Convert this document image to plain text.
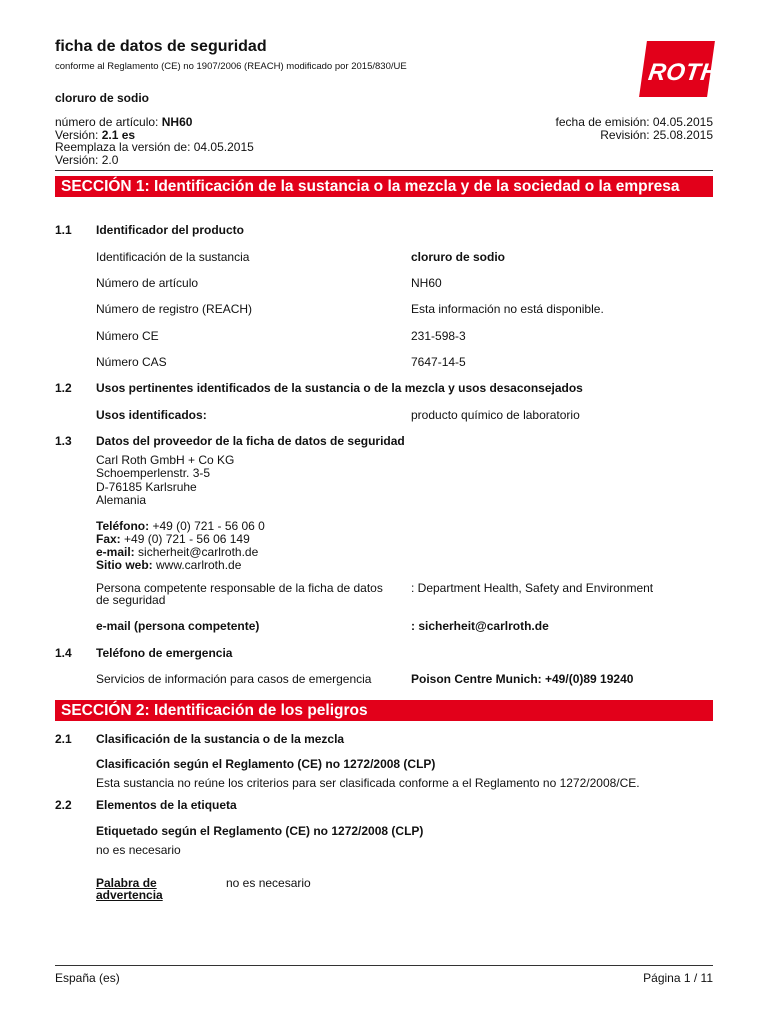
ficha de datos de seguridad
conforme al Reglamento (CE) no 1907/2006 (REACH) modificado por 2015/830/UE	ROTH
®
cloruro de sodio
número de artículo: NH60
Versión: 2.1 es
Reemplaza la versión de: 04.05.2015
Versión: 2.0
fecha de emisión: 04.05.2015
Revisión: 25.08.2015
SECCIÓN 1: Identificación de la sustancia o la mezcla y de la sociedad o la empresa
1.1 Identificador del producto
Identificación de la sustancia	cloruro de sodio
Número de artículo	NH60
Número de registro (REACH)	Esta información no está disponible.
Número CE	231-598-3
Número CAS	7647-14-5
1.2 Usos pertinentes identificados de la sustancia o de la mezcla y usos desaconsejados
Usos identificados:	producto químico de laboratorio
1.3 Datos del proveedor de la ficha de datos de seguridad
Carl Roth GmbH + Co KG
Schoemperlenstr. 3-5
D-76185 Karlsruhe
Alemania
Teléfono: +49 (0) 721 - 56 06 0
Fax: +49 (0) 721 - 56 06 149
e-mail: sicherheit@carlroth.de
Sitio web: www.carlroth.de
Persona competente responsable de la ficha de datos
de seguridad
: Department Health, Safety and Environment
e-mail (persona competente)	: sicherheit@carlroth.de
1.4 Teléfono de emergencia
Servicios de información para casos de emergencia	Poison Centre Munich: +49/(0)89 19240
SECCIÓN 2: Identificación de los peligros
2.1 Clasificación de la sustancia o de la mezcla
Clasificación según el Reglamento (CE) no 1272/2008 (CLP)
Esta sustancia no reúne los criterios para ser clasificada conforme a el Reglamento no 1272/2008/CE.
2.2 Elementos de la etiqueta
Etiquetado según el Reglamento (CE) no 1272/2008 (CLP)
no es necesario
Palabra de
advertencia
no es necesario
España (es)	Página 1 / 11
